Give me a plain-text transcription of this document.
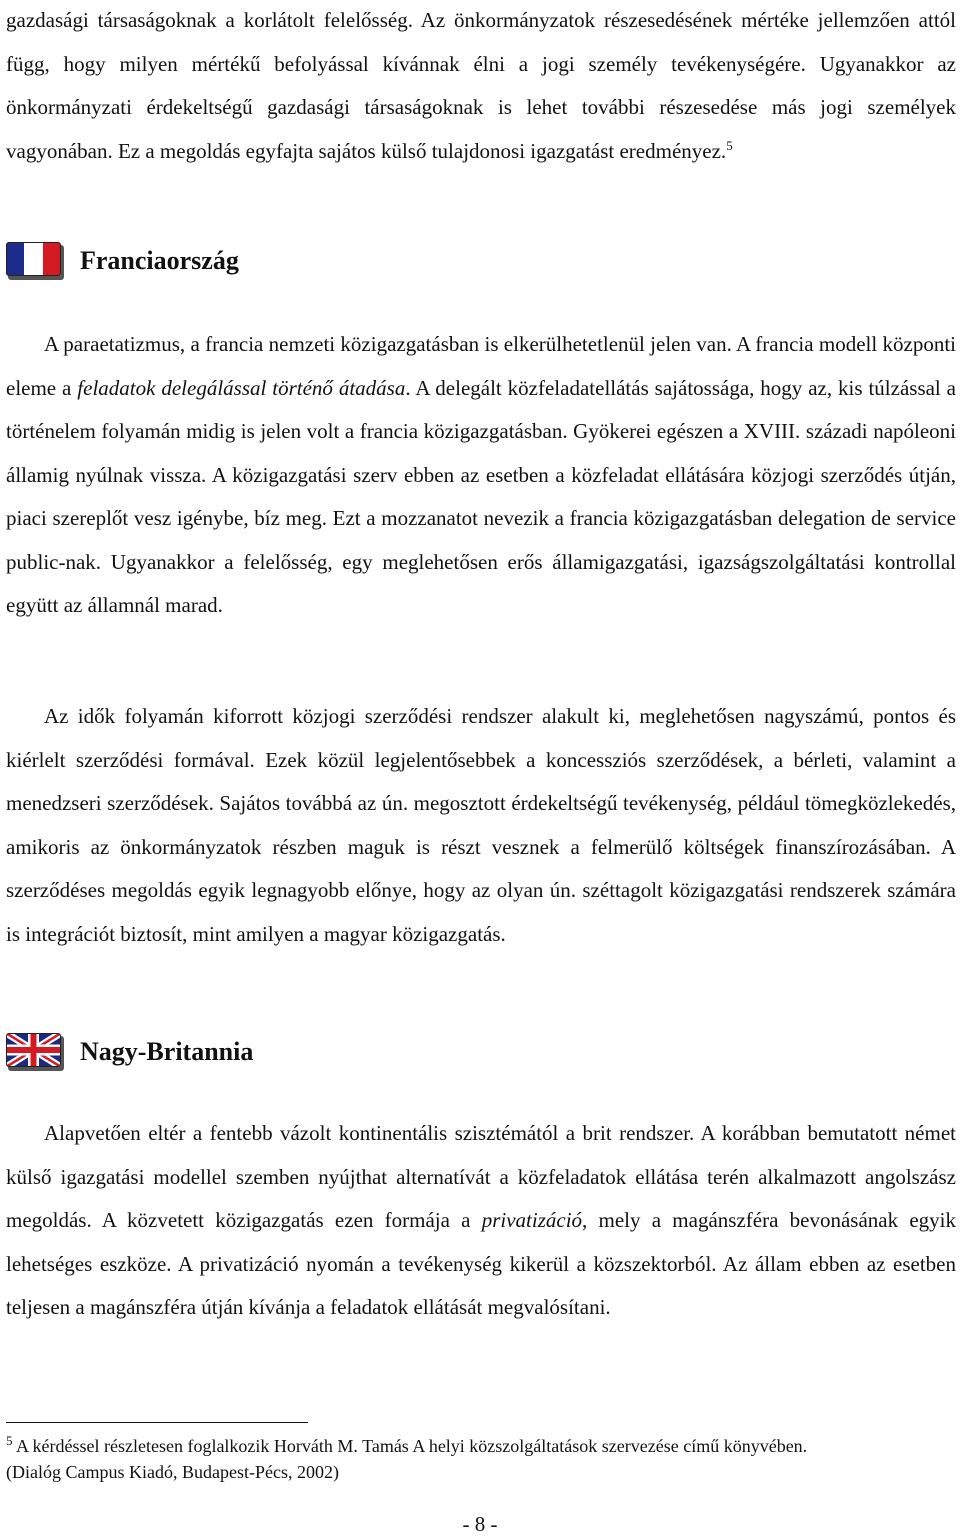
gazdasági társaságoknak a korlátolt felelősség. Az önkormányzatok részesedésének mértéke jellemzően attól függ, hogy milyen mértékű befolyással kívánnak élni a jogi személy tevékenységére. Ugyanakkor az önkormányzati érdekeltségű gazdasági társaságoknak is lehet további részesedése más jogi személyek vagyonában. Ez a megoldás egyfajta sajátos külső tulajdonosi igazgatást eredményez.$^5$

Franciaország

A paraetatizmus, a francia nemzeti közigazgatásban is elkerülhetetlenül jelen van. A francia modell központi eleme a feladatok delegálással történő átadása. A delegált közfeladatellátás sajátossága, hogy az, kis túlzással a történelem folyamán midig is jelen volt a francia közigazgatásban. Gyökerei egészen a XVIII. századi napóleoni államig nyúlnak vissza. A közigazgatási szerv ebben az esetben a közfeladat ellátására közjogi szerződés útján, piaci szereplőt vesz igénybe, bíz meg. Ezt a mozzanatot nevezik a francia közigazgatásban delegation de service public-nak. Ugyanakkor a felelősség, egy meglehetősen erős államigazgatási, igazságszolgáltatási kontrollal együtt az államnál marad.

Az idők folyamán kiforrott közjogi szerződési rendszer alakult ki, meglehetősen nagyszámú, pontos és kiérlelt szerződési formával. Ezek közül legjelentősebbek a koncessziós szerződések, a bérleti, valamint a menedzseri szerződések. Sajátos továbbá az ún. megosztott érdekeltségű tevékenység, például tömegközlekedés, amikoris az önkormányzatok részben maguk is részt vesznek a felmerülő költségek finanszírozásában. A szerződéses megoldás egyik legnagyobb előnye, hogy az olyan ún. széttagolt közigazgatási rendszerek számára is integrációt biztosít, mint amilyen a magyar közigazgatás.

Nagy-Britannia

Alapvetően eltér a fentebb vázolt kontinentális szisztémától a brit rendszer. A korábban bemutatott német külső igazgatási modellel szemben nyújthat alternatívát a közfeladatok ellátása terén alkalmazott angolszász megoldás. A közvetett közigazgatás ezen formája a privatizáció, mely a magánszféra bevonásának egyik lehetséges eszköze. A privatizáció nyomán a tevékenység kikerül a közszektorból. Az állam ebben az esetben teljesen a magánszféra útján kívánja a feladatok ellátását megvalósítani.

$^5$ A kérdéssel részletesen foglalkozik Horváth M. Tamás A helyi közszolgáltatások szervezése című könyvében.
(Dialóg Campus Kiadó, Budapest-Pécs, 2002)

- 8 -
